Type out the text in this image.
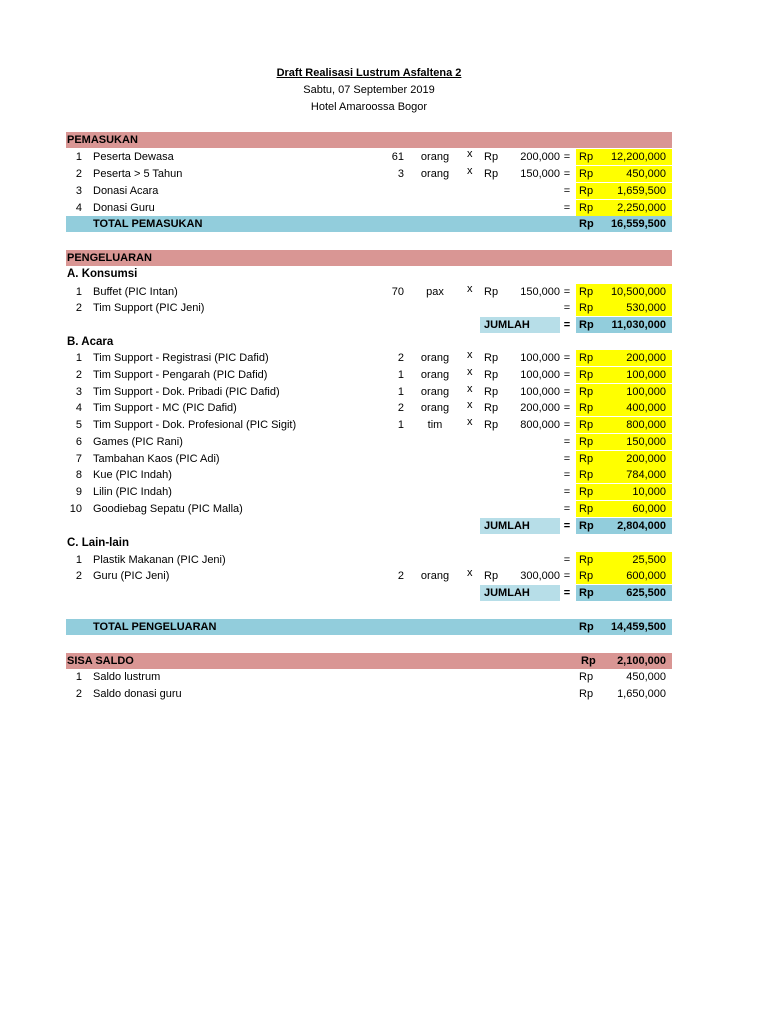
Draft Realisasi Lustrum Asfaltena 2
Sabtu, 07 September 2019
Hotel Amaroossa Bogor
PEMASUKAN
1 Peserta Dewasa	61	orang	x Rp	200,000 = Rp	12,200,000
2 Peserta > 5 Tahun	3	orang	x Rp	150,000 = Rp	450,000
3 Donasi Acara	= Rp	1,659,500
4 Donasi Guru	= Rp	2,250,000
TOTAL PEMASUKAN	Rp	16,559,500
PENGELUARAN
A. Konsumsi
1 Buffet (PIC Intan)	70	pax	x Rp	150,000 = Rp	10,500,000
2 Tim Support (PIC Jeni)	= Rp	530,000
JUMLAH	= Rp	11,030,000
B. Acara
1 Tim Support - Registrasi (PIC Dafid)	2	orang	x Rp	100,000 = Rp	200,000
2 Tim Support - Pengarah (PIC Dafid)	1	orang	x Rp	100,000 = Rp	100,000
3 Tim Support - Dok. Pribadi (PIC Dafid)	1	orang	x Rp	100,000 = Rp	100,000
4 Tim Support - MC (PIC Dafid)	2	orang	x Rp	200,000 = Rp	400,000
5 Tim Support - Dok. Profesional (PIC Sigit)	1	tim	x Rp	800,000 = Rp	800,000
6 Games (PIC Rani)	= Rp	150,000
7 Tambahan Kaos (PIC Adi)	= Rp	200,000
8 Kue (PIC Indah)	= Rp	784,000
9 Lilin (PIC Indah)	= Rp	10,000
10 Goodiebag Sepatu (PIC Malla)	= Rp	60,000
JUMLAH	= Rp	2,804,000
C. Lain-lain
1 Plastik Makanan (PIC Jeni)	= Rp	25,500
2 Guru (PIC Jeni)	2	orang	x Rp	300,000 = Rp	600,000
JUMLAH	= Rp	625,500
TOTAL PENGELUARAN	Rp	14,459,500
SISA SALDO	Rp	2,100,000
1 Saldo lustrum	Rp	450,000
2 Saldo donasi guru	Rp	1,650,000
